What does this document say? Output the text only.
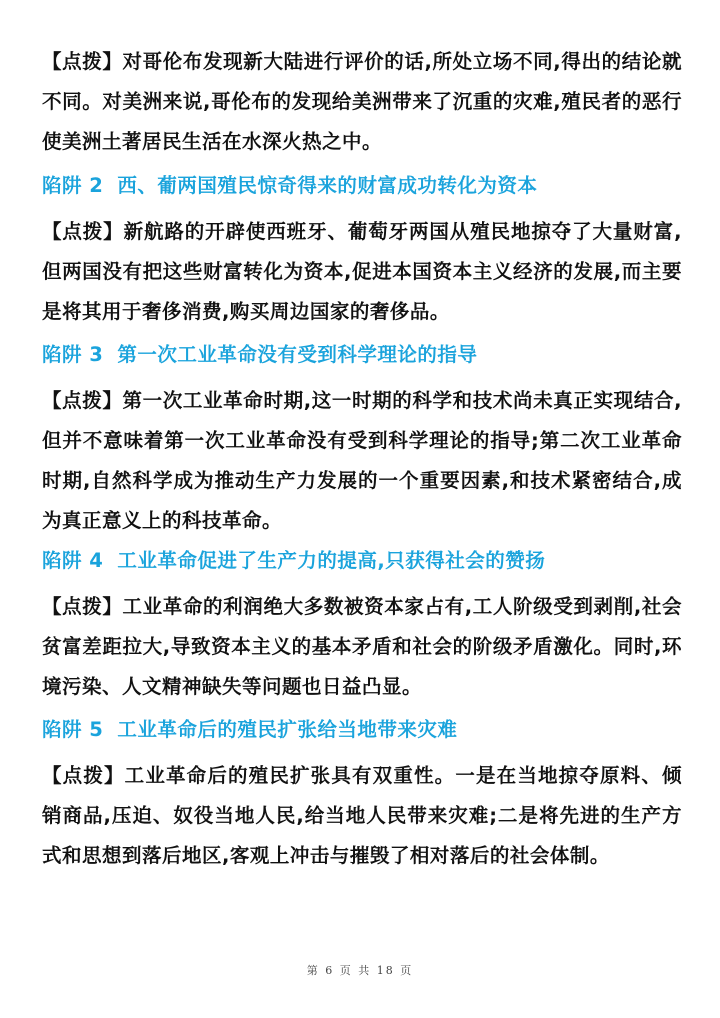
【点拨】对哥伦布发现新大陆进行评价的话,所处立场不同,得出的结论就不同。对美洲来说,哥伦布的发现给美洲带来了沉重的灾难,殖民者的恶行使美洲土著居民生活在水深火热之中。

陷阱 2 西、葡两国殖民惊奇得来的财富成功转化为资本

【点拨】新航路的开辟使西班牙、葡萄牙两国从殖民地掠夺了大量财富,但两国没有把这些财富转化为资本,促进本国资本主义经济的发展,而主要是将其用于奢侈消费,购买周边国家的奢侈品。

陷阱 3 第一次工业革命没有受到科学理论的指导

【点拨】第一次工业革命时期,这一时期的科学和技术尚未真正实现结合,但并不意味着第一次工业革命没有受到科学理论的指导;第二次工业革命时期,自然科学成为推动生产力发展的一个重要因素,和技术紧密结合,成为真正意义上的科技革命。

陷阱 4 工业革命促进了生产力的提高,只获得社会的赞扬

【点拨】工业革命的利润绝大多数被资本家占有,工人阶级受到剥削,社会贫富差距拉大,导致资本主义的基本矛盾和社会的阶级矛盾激化。同时,环境污染、人文精神缺失等问题也日益凸显。

陷阱 5 工业革命后的殖民扩张给当地带来灾难

【点拨】工业革命后的殖民扩张具有双重性。一是在当地掠夺原料、倾销商品,压迫、奴役当地人民,给当地人民带来灾难;二是将先进的生产方式和思想到落后地区,客观上冲击与摧毁了相对落后的社会体制。

第 6 页 共 18 页
